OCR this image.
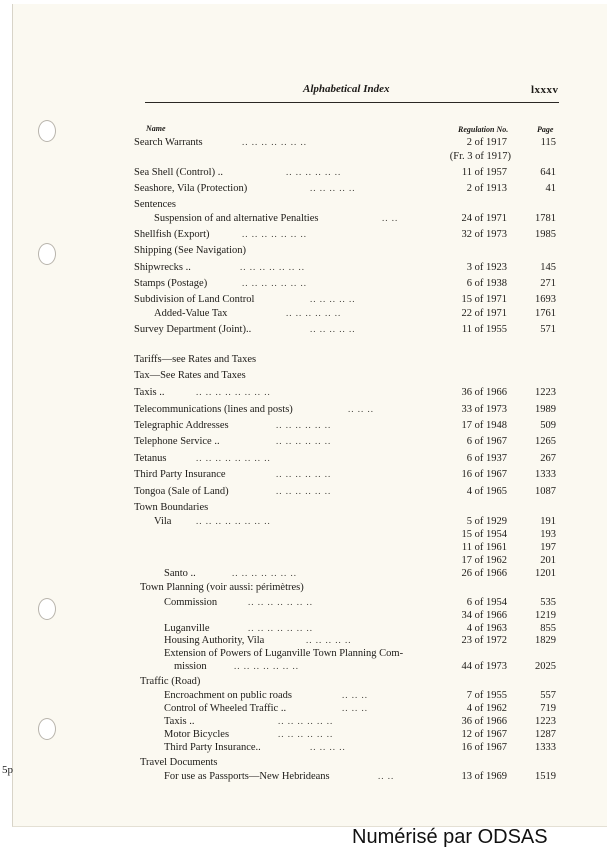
Alphabetical Index	lxxxv
Name	Regulation No.	Page
Search Warrants	.. .. .. .. .. .. ..	2 of 1917	115
(Fr. 3 of 1917)
Sea Shell (Control) ..	.. .. .. .. .. ..	11 of 1957	641
Seashore, Vila (Protection)	.. .. .. .. ..	2 of 1913	41
Sentences
Suspension of and alternative Penalties	.. ..	24 of 1971	1781
Shellfish (Export)	.. .. .. .. .. .. ..	32 of 1973	1985
Shipping (See Navigation)
Shipwrecks ..	.. .. .. .. .. .. ..	3 of 1923	145
Stamps (Postage)	.. .. .. .. .. .. ..	6 of 1938	271
Subdivision of Land Control	.. .. .. .. ..	15 of 1971	1693
Added-Value Tax	.. .. .. .. .. ..	22 of 1971	1761
Survey Department (Joint)..	.. .. .. .. ..	11 of 1955	571
Tariffs—see Rates and Taxes
Tax—See Rates and Taxes
Taxis ..	.. .. .. .. .. .. .. ..	36 of 1966	1223
Telecommunications (lines and posts)	.. .. ..	33 of 1973	1989
Telegraphic Addresses	.. .. .. .. .. ..	17 of 1948	509
Telephone Service ..	.. .. .. .. .. ..	6 of 1967	1265
Tetanus	.. .. .. .. .. .. .. ..	6 of 1937	267
Third Party Insurance	.. .. .. .. .. ..	16 of 1967	1333
Tongoa (Sale of Land)	.. .. .. .. .. ..	4 of 1965	1087
Town Boundaries
Vila	.. .. .. .. .. .. .. ..	5 of 1929	191
15 of 1954	193
11 of 1961	197
17 of 1962	201
Santo ..	.. .. .. .. .. .. ..	26 of 1966	1201
Town Planning (voir aussi: périmètres)
Commission	.. .. .. .. .. .. ..	6 of 1954	535
34 of 1966	1219
Luganville	.. .. .. .. .. .. ..	4 of 1963	855
Housing Authority, Vila	.. .. .. .. ..	23 of 1972	1829
Extension of Powers of Luganville Town Planning Com-
mission	.. .. .. .. .. .. ..	44 of 1973	2025
Traffic (Road)
Encroachment on public roads	.. .. ..	7 of 1955	557
Control of Wheeled Traffic ..	.. .. ..	4 of 1962	719
Taxis ..	.. .. .. .. .. ..	36 of 1966	1223
Motor Bicycles	.. .. .. .. .. ..	12 of 1967	1287
Third Party Insurance..	.. .. .. ..	16 of 1967	1333
Travel Documents
For use as Passports—New Hebrideans	.. ..	13 of 1969	1519
5p
Numérisé par ODSAS
